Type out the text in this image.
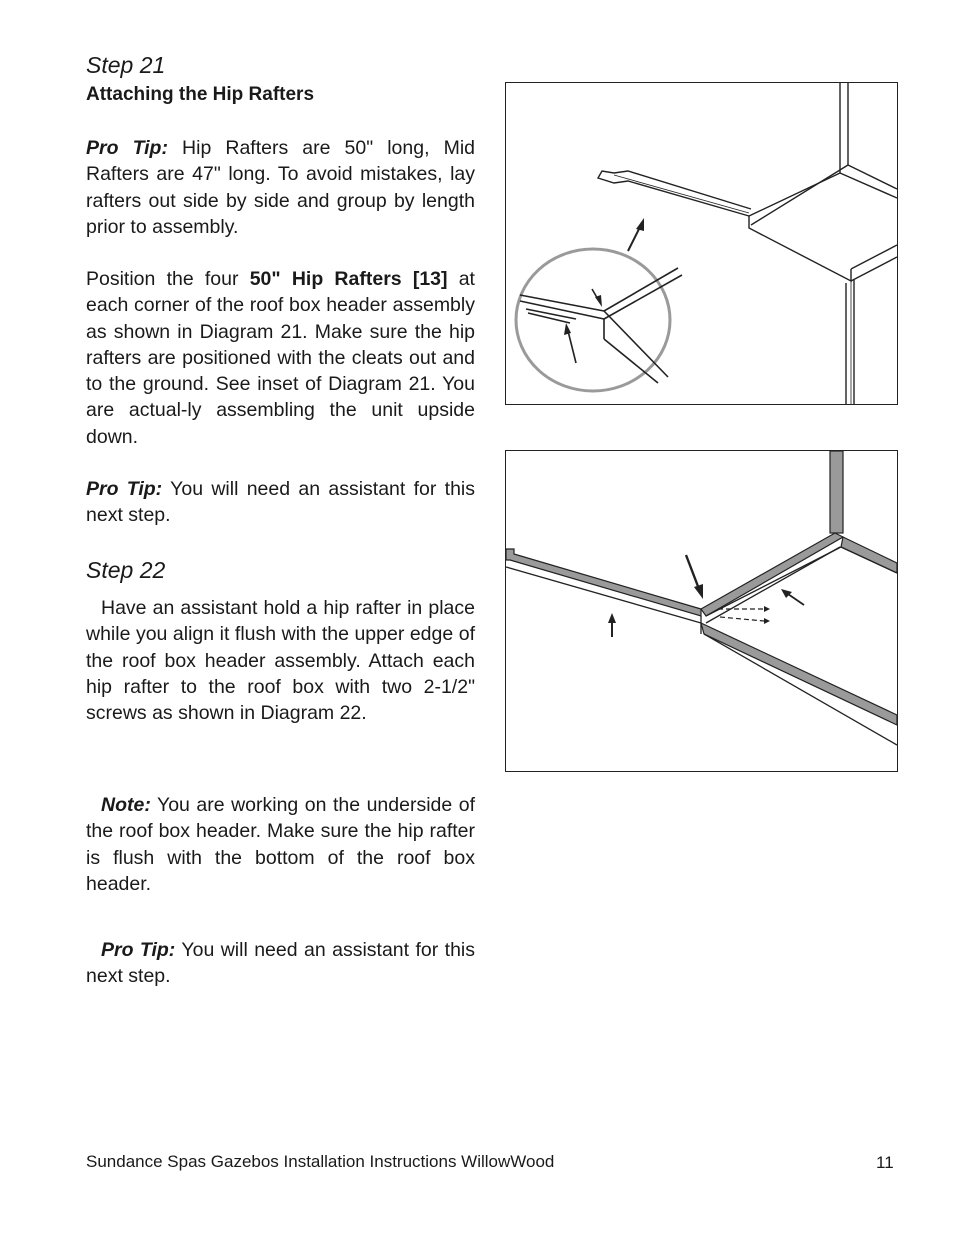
Step 21
Attaching the Hip Rafters

Pro Tip: Hip Rafters are 50" long, Mid Rafters are 47" long. To avoid mistakes, lay rafters out side by side and group by length prior to assembly.

Position the four 50" Hip Rafters [13] at each corner of the roof box header assembly as shown in Diagram 21. Make sure the hip rafters are positioned with the cleats out and to the ground. See inset of Diagram 21. You are actual-ly assembling the unit upside down.

Pro Tip: You will need an assistant for this next step.

Step 22

Have an assistant hold a hip rafter in place while you align it flush with the upper edge of the roof box header assembly. Attach each hip rafter to the roof box with two 2-1/2" screws as shown in Diagram 22.

Note: You are working on the underside of the roof box header. Make sure the hip rafter is flush with the bottom of the roof box header.

Pro Tip: You will need an assistant for this next step.

Sundance Spas Gazebos Installation Instructions WillowWood	11
